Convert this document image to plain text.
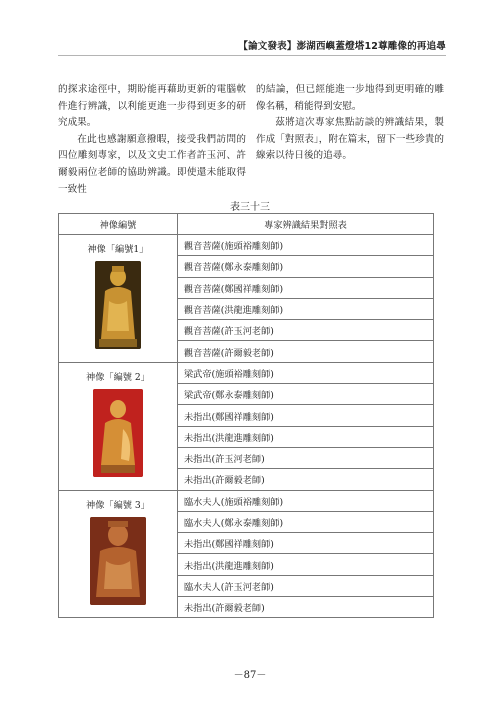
【論文發表】澎湖西嶼蓋燈塔12尊雕像的再追尋

的探求途徑中，期盼能再藉助更新的電腦軟件進行辨識，以利能更進一步得到更多的研究成果。

在此也感謝願意撥暇，接受我們訪問的四位雕刻專家，以及文史工作者許玉河、許爾毅兩位老師的協助辨識。即使還未能取得一致性

的結論，但已經能進一步地得到更明確的雕像名稱，稍能得到安慰。

茲將這次專家焦點訪談的辨識結果，製作成「對照表」，附在篇末，留下一些珍貴的線索以待日後的追尋。

表三十三
神像編號	專家辨識結果對照表

神像「編號1」	觀音菩薩(施頭裕雕刻師)
	觀音菩薩(鄭永泰雕刻師)
	觀音菩薩(鄭國祥雕刻師)
	觀音菩薩(洪龍進雕刻師)
	觀音菩薩(許玉河老師)
	觀音菩薩(許爾毅老師)

神像「編號 2」	梁武帝(施頭裕雕刻師)
	梁武帝(鄭永泰雕刻師)
	未指出(鄭國祥雕刻師)
	未指出(洪龍進雕刻師)
	未指出(許玉河老師)
	未指出(許爾毅老師)

神像「編號 3」	臨水夫人(施頭裕雕刻師)
	臨水夫人(鄭永泰雕刻師)
	未指出(鄭國祥雕刻師)
	未指出(洪龍進雕刻師)
	臨水夫人(許玉河老師)
	未指出(許爾毅老師)
－87－
